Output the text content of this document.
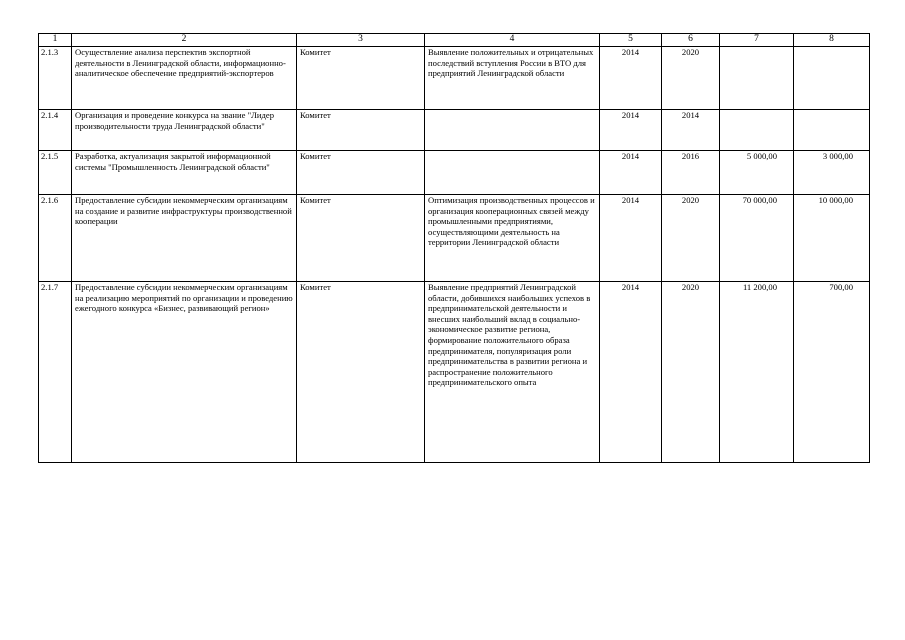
1	2	3	4	5	6	7	8
2.1.3	Осуществление анализа перспектив экспортной деятельности в Ленинградской области, информационно-аналитическое обеспечение предприятий-экспортеров	Комитет	Выявление положительных и отрицательных последствий вступления России в ВТО для предприятий Ленинградской области	2014	2020		
2.1.4	Организация и проведение конкурса на звание "Лидер производительности труда Ленинградской области"	Комитет		2014	2014		
2.1.5	Разработка, актуализация закрытой информационной системы "Промышленность Ленинградской области"	Комитет		2014	2016	5 000,00	3 000,00
2.1.6	Предоставление субсидии некоммерческим организациям на создание и развитие инфраструктуры производственной кооперации	Комитет	Оптимизация производственных процессов и организация кооперационных связей между промышленными предприятиями, осуществляющими деятельность на территории Ленинградской области	2014	2020	70 000,00	10 000,00
2.1.7	Предоставление субсидии некоммерческим организациям на реализацию мероприятий по организации и проведению ежегодного конкурса «Бизнес, развивающий регион»	Комитет	Выявление предприятий Ленинградской области, добившихся наибольших успехов в предпринимательской деятельности и внесших наибольший вклад в социально-экономическое развитие региона, формирование положительного образа предпринимателя, популяризация роли предпринимательства в развитии региона и распространение положительного предпринимательского опыта	2014	2020	11 200,00	700,00
